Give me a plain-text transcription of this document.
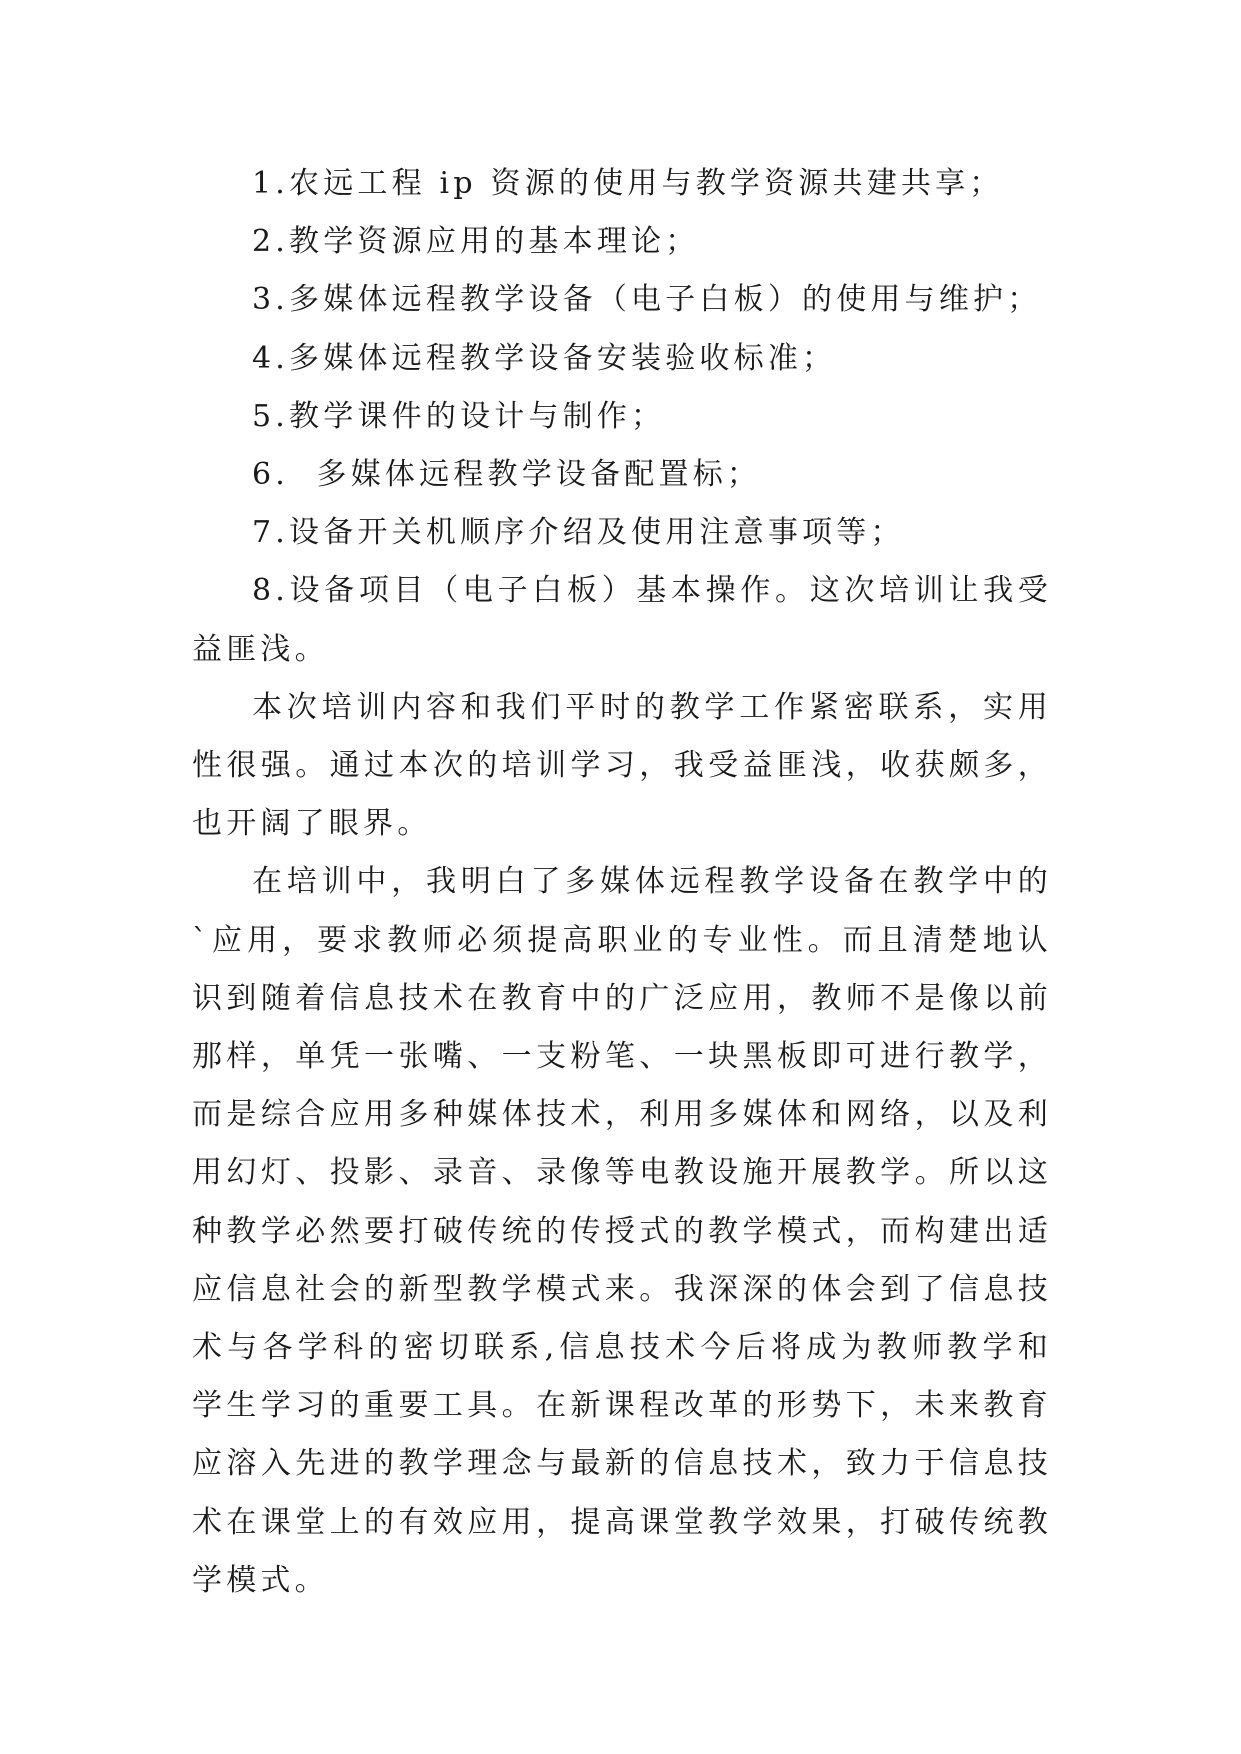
1.农远工程 ip 资源的使用与教学资源共建共享；

2.教学资源应用的基本理论；

3.多媒体远程教学设备（电子白板）的使用与维护；

4.多媒体远程教学设备安装验收标准；

5.教学课件的设计与制作；

6.  多媒体远程教学设备配置标；

7.设备开关机顺序介绍及使用注意事项等；

8.设备项目（电子白板）基本操作。这次培训让我受益匪浅。

本次培训内容和我们平时的教学工作紧密联系，实用性很强。通过本次的培训学习，我受益匪浅，收获颇多，也开阔了眼界。

在培训中，我明白了多媒体远程教学设备在教学中的`应用，要求教师必须提高职业的专业性。而且清楚地认识到随着信息技术在教育中的广泛应用，教师不是像以前那样，单凭一张嘴、一支粉笔、一块黑板即可进行教学，而是综合应用多种媒体技术，利用多媒体和网络，以及利用幻灯、投影、录音、录像等电教设施开展教学。所以这种教学必然要打破传统的传授式的教学模式，而构建出适应信息社会的新型教学模式来。我深深的体会到了信息技术与各学科的密切联系,信息技术今后将成为教师教学和学生学习的重要工具。在新课程改革的形势下，未来教育应溶入先进的教学理念与最新的信息技术，致力于信息技术在课堂上的有效应用，提高课堂教学效果，打破传统教学模式。
